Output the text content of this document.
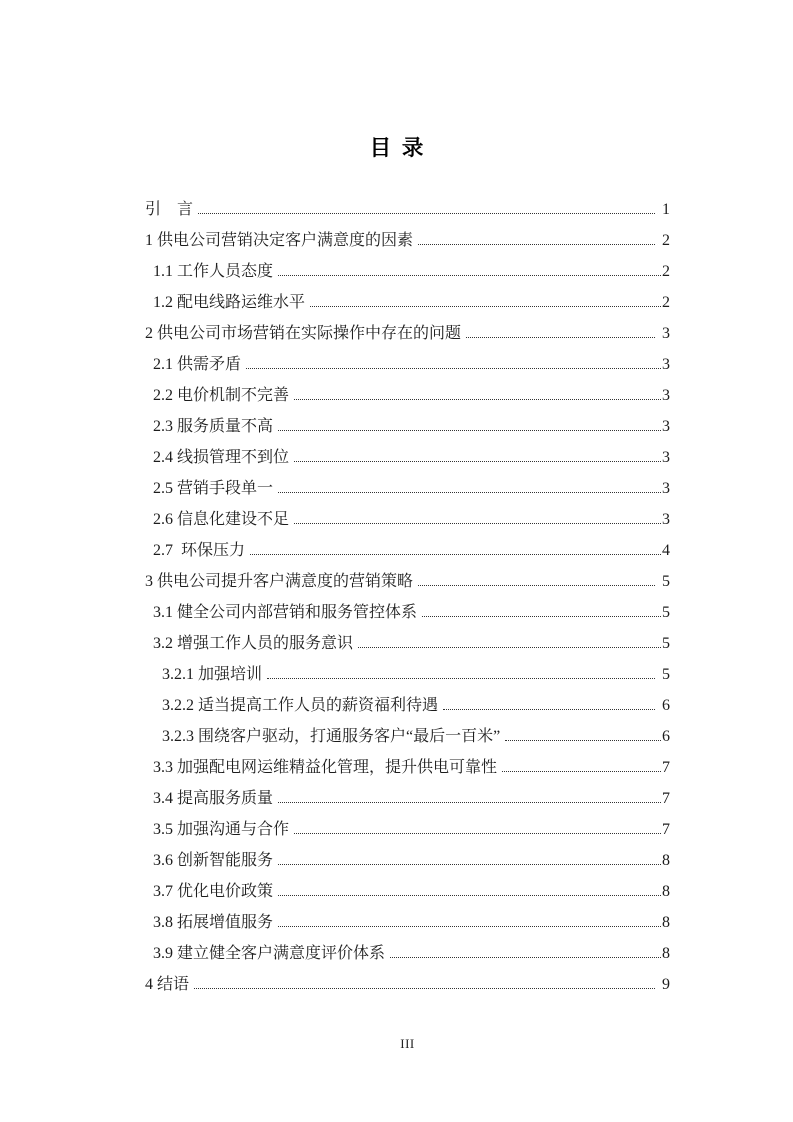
目  录
引　言	1
1 供电公司营销决定客户满意度的因素	2
1.1 工作人员态度	2
1.2 配电线路运维水平	2
2 供电公司市场营销在实际操作中存在的问题	3
2.1 供需矛盾	3
2.2 电价机制不完善	3
2.3 服务质量不高	3
2.4 线损管理不到位	3
2.5 营销手段单一	3
2.6 信息化建设不足	3
2.7  环保压力	4
3 供电公司提升客户满意度的营销策略	5
3.1 健全公司内部营销和服务管控体系	5
3.2 增强工作人员的服务意识	5
3.2.1 加强培训	5
3.2.2 适当提高工作人员的薪资福利待遇	6
3.2.3 围绕客户驱动，打通服务客户“最后一百米”	6
3.3 加强配电网运维精益化管理，提升供电可靠性	7
3.4 提高服务质量	7
3.5 加强沟通与合作	7
3.6 创新智能服务	8
3.7 优化电价政策	8
3.8 拓展增值服务	8
3.9 建立健全客户满意度评价体系	8
4 结语	9
III
